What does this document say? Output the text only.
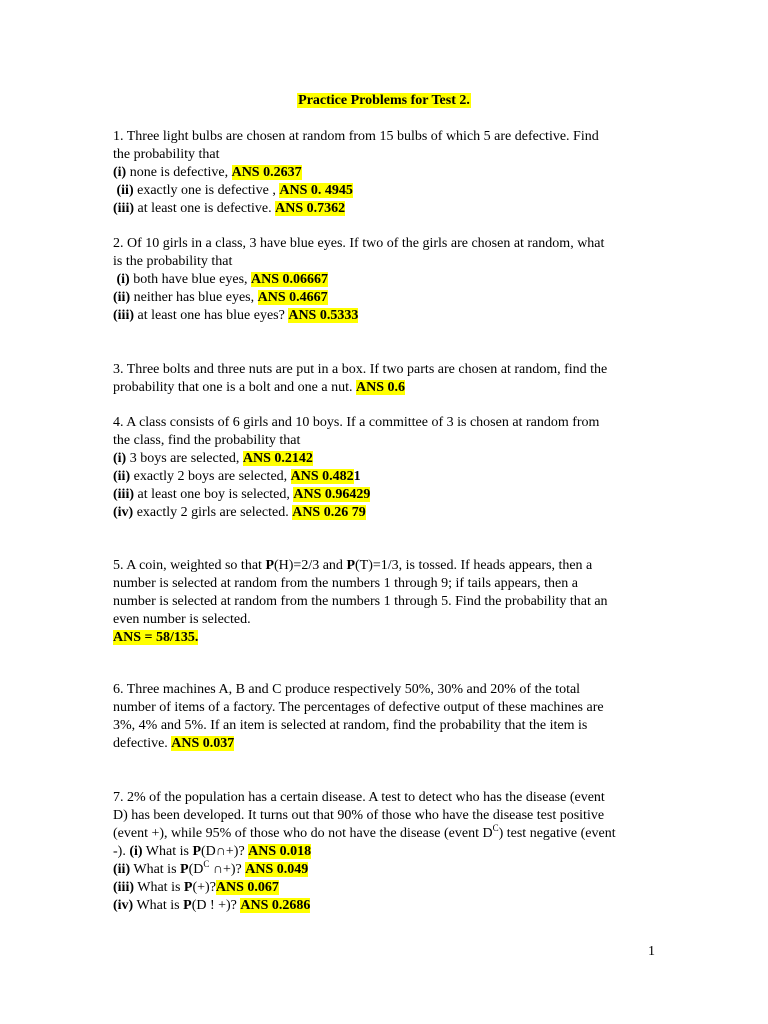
Practice Problems for Test 2.
1. Three light bulbs are chosen at random from 15 bulbs of which 5 are defective. Find
the probability that
(i) none is defective, ANS 0.2637
(ii) exactly one is defective , ANS 0. 4945
(iii) at least one is defective. ANS 0.7362
2. Of 10 girls in a class, 3 have blue eyes. If two of the girls are chosen at random, what
is the probability that
(i) both have blue eyes, ANS 0.06667
(ii) neither has blue eyes, ANS 0.4667
(iii) at least one has blue eyes? ANS 0.5333
3. Three bolts and three nuts are put in a box. If two parts are chosen at random, find the
probability that one is a bolt and one a nut. ANS 0.6
4. A class consists of 6 girls and 10 boys. If a committee of 3 is chosen at random from
the class, find the probability that
(i) 3 boys are selected, ANS 0.2142
(ii) exactly 2 boys are selected, ANS 0.4821
(iii) at least one boy is selected, ANS 0.96429
(iv) exactly 2 girls are selected. ANS 0.26 79
5. A coin, weighted so that P(H)=2/3 and P(T)=1/3, is tossed. If heads appears, then a
number is selected at random from the numbers 1 through 9; if tails appears, then a
number is selected at random from the numbers 1 through 5. Find the probability that an
even number is selected.
ANS = 58/135.
6. Three machines A, B and C produce respectively 50%, 30% and 20% of the total
number of items of a factory. The percentages of defective output of these machines are
3%, 4% and 5%. If an item is selected at random, find the probability that the item is
defective. ANS 0.037
7. 2% of the population has a certain disease. A test to detect who has the disease (event
D) has been developed. It turns out that 90% of those who have the disease test positive
(event +), while 95% of those who do not have the disease (event $D^C$) test negative (event
-). (i) What is P(D∩+)? ANS 0.018
(ii) What is $P(D^C$ ∩+)? ANS 0.049
(iii) What is P(+)?ANS 0.067
(iv) What is P(D ! +)? ANS 0.2686
1
